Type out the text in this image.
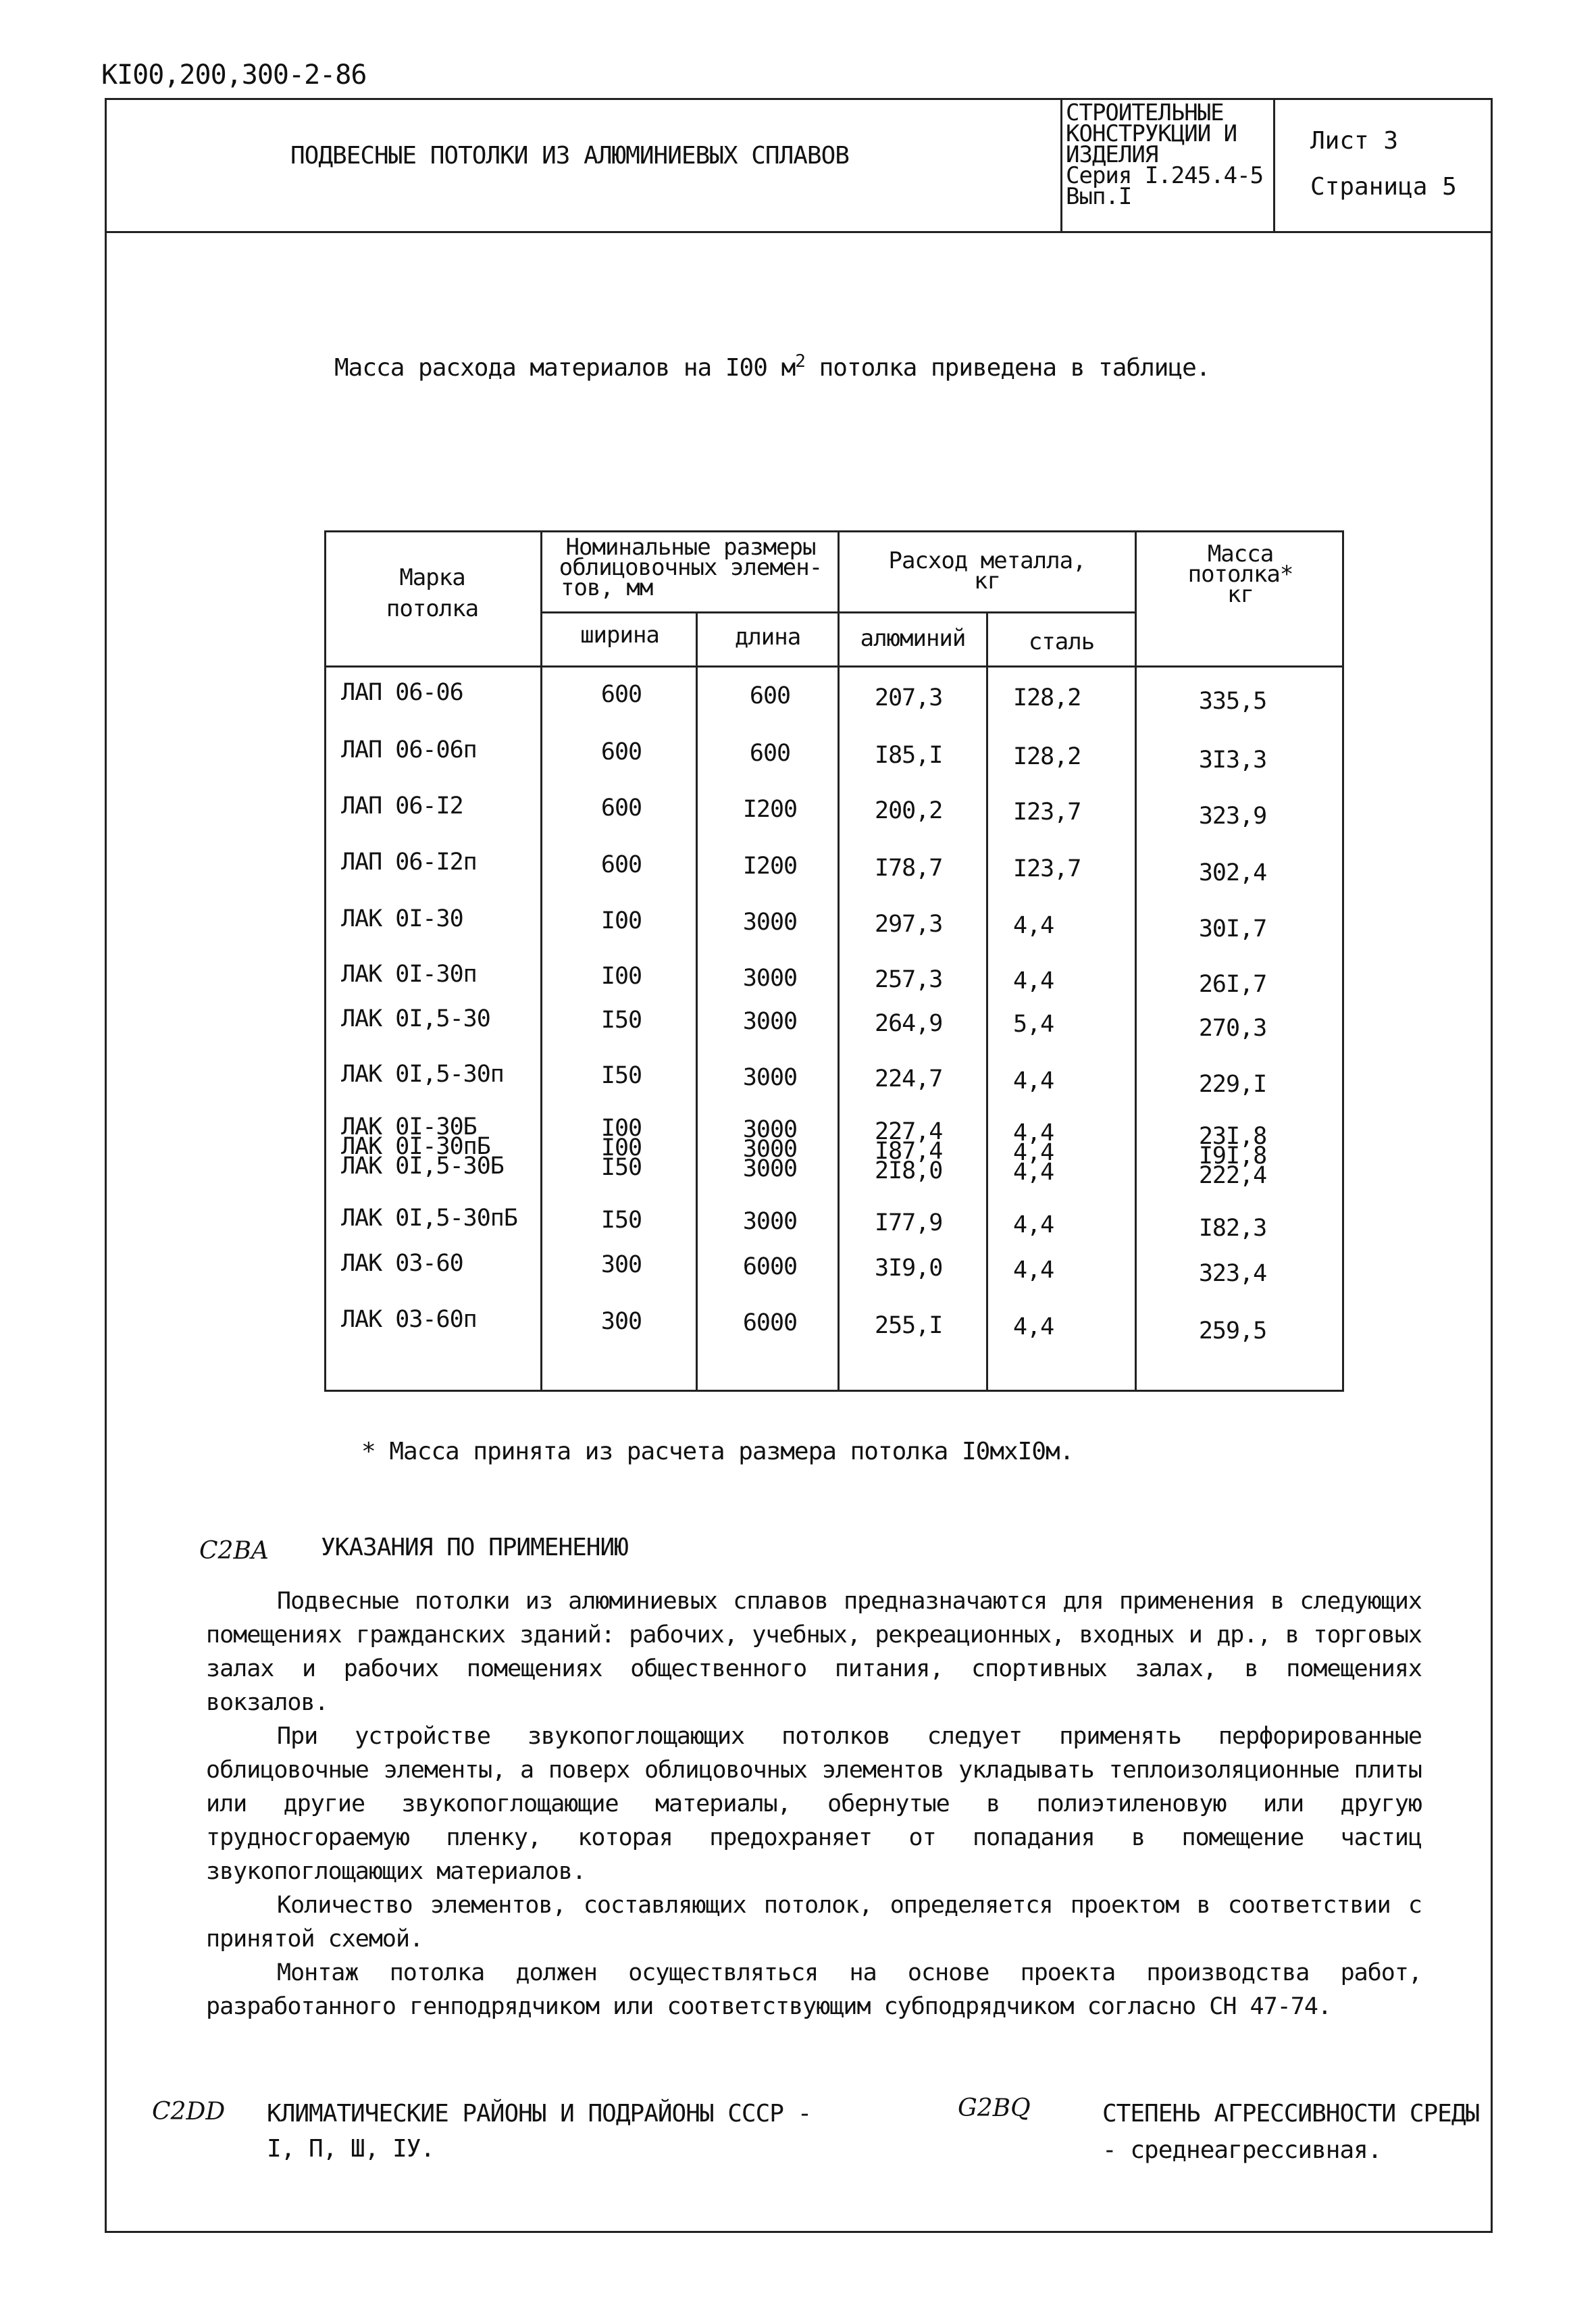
КI00,200,300-2-86
ПОДВЕСНЫЕ ПОТОЛКИ ИЗ АЛЮМИНИЕВЫХ СПЛАВОВ
СТРОИТЕЛЬНЫЕ
КОНСТРУКЦИИ И
ИЗДЕЛИЯ
Серия I.245.4-5
Вып.I
Лист 3
Страница 5
Масса расхода материалов на I00 $м^2$ потолка приведена в таблице.
Марка
потолка
Номинальные размеры
облицовочных элемен-
тов, мм
ширина	длина
Расход металла,
кг
алюминий	сталь
Масса
потолка*
кг
ЛАП 06-06	600	600	207,3	I28,2	335,5
ЛАП 06-06п	600	600	I85,I	I28,2	3I3,3
ЛАП 06-I2	600	I200	200,2	I23,7	323,9
ЛАП 06-I2п	600	I200	I78,7	I23,7	302,4
ЛАК 0I-30	I00	3000	297,3	4,4	30I,7
ЛАК 0I-30п	I00	3000	257,3	4,4	26I,7
ЛАК 0I,5-30	I50	3000	264,9	5,4	270,3
ЛАК 0I,5-30п	I50	3000	224,7	4,4	229,I
ЛАК 0I-30Б	I00	3000	227,4	4,4	23I,8
ЛАК 0I-30пБ	I00	3000	I87,4	4,4	I9I,8
ЛАК 0I,5-30Б	I50	3000	2I8,0	4,4	222,4
ЛАК 0I,5-30пБ	I50	3000	I77,9	4,4	I82,3
ЛАК 03-60	300	6000	3I9,0	4,4	323,4
ЛАК 03-60п	300	6000	255,I	4,4	259,5
* Масса принята из расчета размера потолка I0мxI0м.
C2BA УКАЗАНИЯ ПО ПРИМЕНЕНИЮ

Подвесные потолки из алюминиевых сплавов предназначаются для применения в следующих помещениях гражданских зданий: рабочих, учебных, рекреационных, входных и др., в торговых залах и рабочих помещениях общественного питания, спортивных залах, в помещениях вокзалов.

При устройстве звукопоглощающих потолков следует применять перфорированные облицовочные элементы, а поверх облицовочных элементов укладывать теплоизоляционные плиты или другие звукопоглощающие материалы, обернутые в полиэтиленовую или другую трудносгораемую пленку, которая предохраняет от попадания в помещение частиц звукопоглощающих материалов.

Количество элементов, составляющих потолок, определяется проектом в соответствии с принятой схемой.

Монтаж потолка должен осуществляться на основе проекта производства работ, разработанного генподрядчиком или соответствующим субподрядчиком согласно СН 47-74.

C2DD КЛИМАТИЧЕСКИЕ РАЙОНЫ И ПОДРАЙОНЫ СССР -
I, П, Ш, IУ.
G2BQ	СТЕПЕНЬ АГРЕССИВНОСТИ СРЕДЫ
- среднеагрессивная.
